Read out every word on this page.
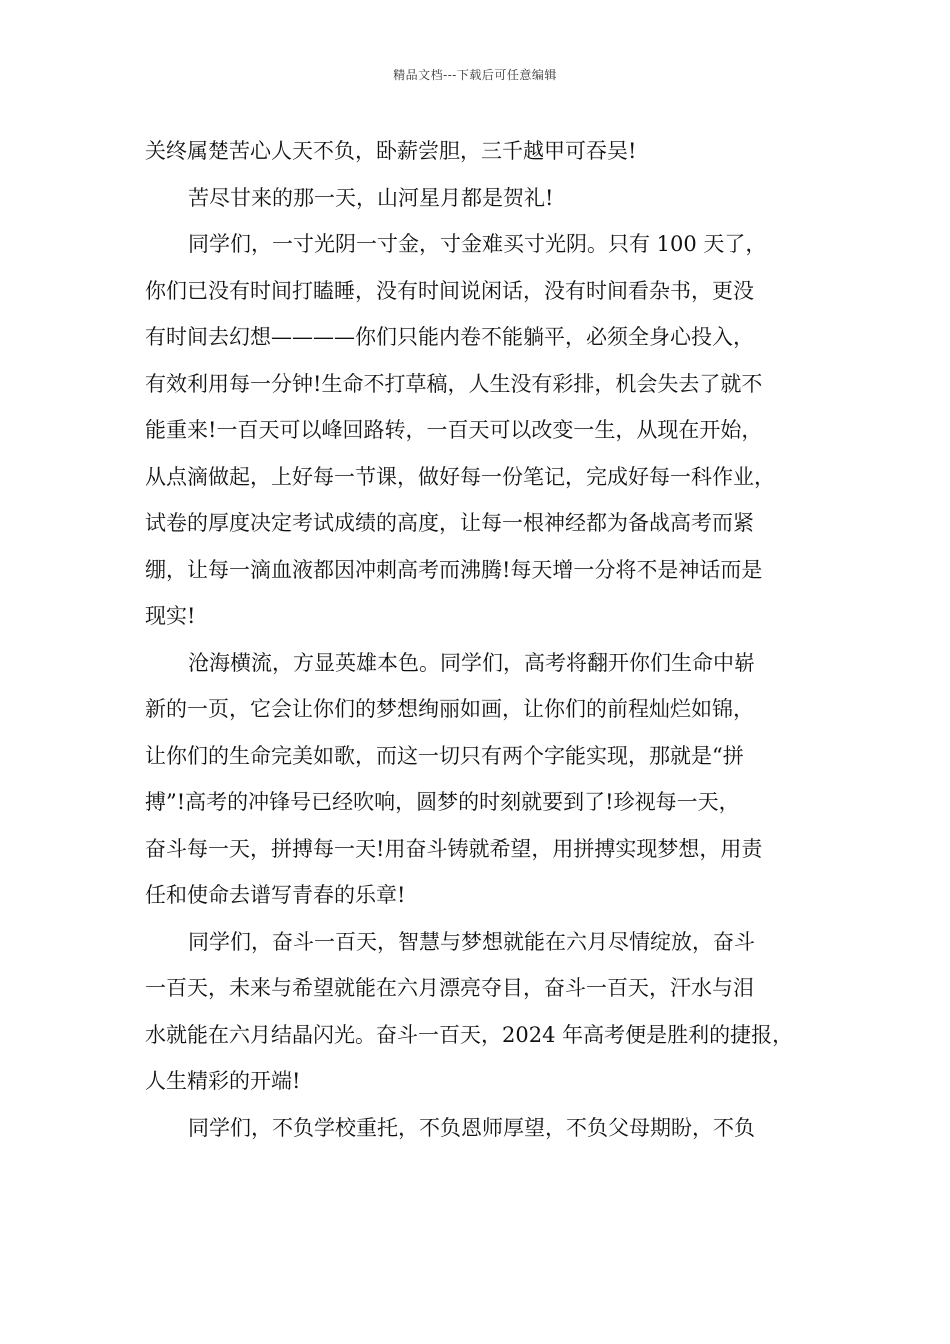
精品文档---下载后可任意编辑
关终属楚苦心人天不负，卧薪尝胆，三千越甲可吞吴!
苦尽甘来的那一天，山河星月都是贺礼!
同学们，一寸光阴一寸金，寸金难买寸光阴。只有 100 天了，
你们已没有时间打瞌睡，没有时间说闲话，没有时间看杂书，更没
有时间去幻想————你们只能内卷不能躺平，必须全身心投入，
有效利用每一分钟!生命不打草稿，人生没有彩排，机会失去了就不
能重来!一百天可以峰回路转，一百天可以改变一生，从现在开始，
从点滴做起，上好每一节课，做好每一份笔记，完成好每一科作业，
试卷的厚度决定考试成绩的高度，让每一根神经都为备战高考而紧
绷，让每一滴血液都因冲刺高考而沸腾!每天增一分将不是神话而是
现实!
沧海横流，方显英雄本色。同学们，高考将翻开你们生命中崭
新的一页，它会让你们的梦想绚丽如画，让你们的前程灿烂如锦，
让你们的生命完美如歌，而这一切只有两个字能实现，那就是“拼
搏”!高考的冲锋号已经吹响，圆梦的时刻就要到了!珍视每一天，
奋斗每一天，拼搏每一天!用奋斗铸就希望，用拼搏实现梦想，用责
任和使命去谱写青春的乐章!
同学们，奋斗一百天，智慧与梦想就能在六月尽情绽放，奋斗
一百天，未来与希望就能在六月漂亮夺目，奋斗一百天，汗水与泪
水就能在六月结晶闪光。奋斗一百天，2024 年高考便是胜利的捷报，
人生精彩的开端!
同学们，不负学校重托，不负恩师厚望，不负父母期盼，不负
